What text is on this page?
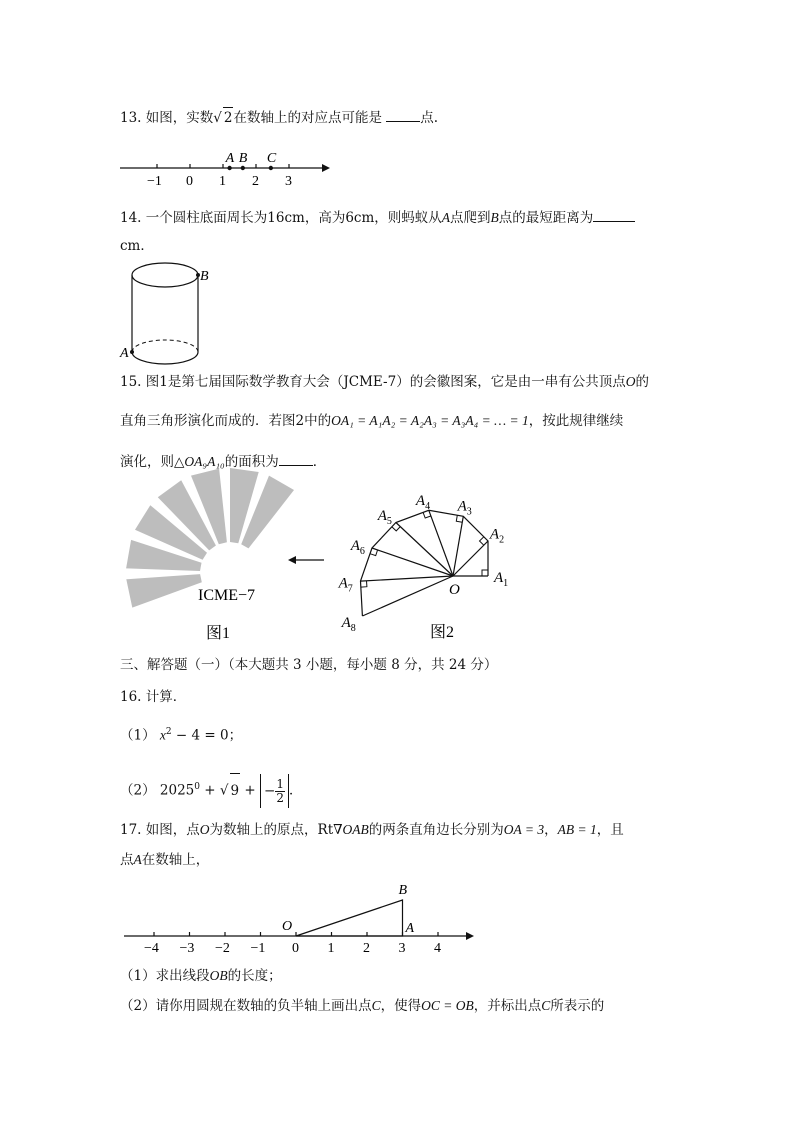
13. 如图，实数√ 2在数轴上的对应点可能是	点.
−1 0 1 2 3
A B C
14. 一个圆柱底面周长为16cm，高为6cm，则蚂蚁从A点爬到B点的最短距离为
cm．
B
A
15. 图1是第七届国际数学教育大会（JCME-7）的会徽图案，它是由一串有公共顶点O的
直角三角形演化而成的．若图2中的OA₁ = A₁A₂ = A₂A₃ = A₃A₄ = … = 1，按此规律继续
演化，则△OA₉A₁₀的面积为	．
ICME−7
图1
$A_1$
$A_2$
$A_3$
$A_4$
$A_5$
$A_6$
$A_7$
$A_8$
O
图2
三、解答题（一）（本大题共 3 小题，每小题 8 分，共 24 分）
16. 计算．
（1） $x^2 - 4 = 0$；
（2） $2025^0$ + √ 9 + − $\frac{1}{2}$ ．
17. 如图，点O为数轴上的原点，Rt∇OAB的两条直角边长分别为OA = 3，AB = 1，且
点A在数轴上，
−4 −3 −2 −1 0 1 2 3 4
O	A
B
（1）求出线段OB的长度；
（2）请你用圆规在数轴的负半轴上画出点C，使得OC = OB，并标出点C所表示的
